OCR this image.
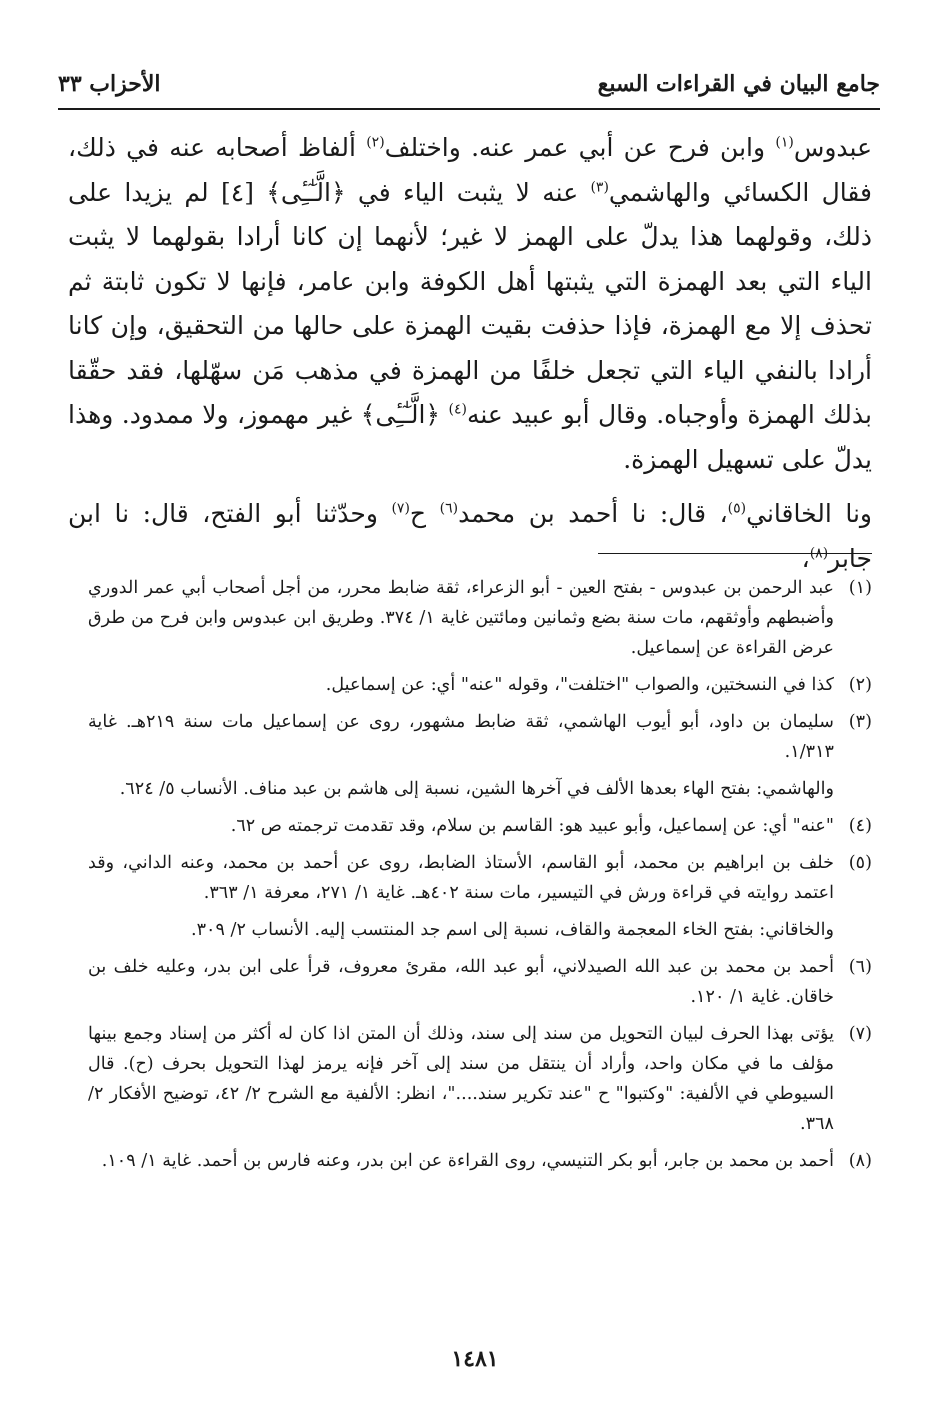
جامع البيان في القراءات السبع
الأحزاب ٣٣

عبدوس$^{(١)}$ وابن فرح عن أبي عمر عنه. واختلف$^{(٢)}$ ألفاظ أصحابه عنه في ذلك، فقال الكسائي والهاشمي$^{(٣)}$ عنه لا يثبت الياء في ﴿الَّـٰٓـِٔى﴾ [٤] لم يزيدا على ذلك، وقولهما هذا يدلّ على الهمز لا غير؛ لأنهما إن كانا أرادا بقولهما لا يثبت الياء التي بعد الهمزة التي يثبتها أهل الكوفة وابن عامر، فإنها لا تكون ثابتة ثم تحذف إلا مع الهمزة، فإذا حذفت بقيت الهمزة على حالها من التحقيق، وإن كانا أرادا بالنفي الياء التي تجعل خلفًا من الهمزة في مذهب مَن سهّلها، فقد حقّقا بذلك الهمزة وأوجباه. وقال أبو عبيد عنه$^{(٤)}$ ﴿الَّـٰٓـِٔى﴾ غير مهموز، ولا ممدود. وهذا يدلّ على تسهيل الهمزة.

ونا الخاقاني$^{(٥)}$، قال: نا أحمد بن محمد$^{(٦)}$ ح$^{(٧)}$ وحدّثنا أبو الفتح، قال: نا ابن جابر$^{(٨)}$،

(١)
عبد الرحمن بن عبدوس - بفتح العين - أبو الزعراء، ثقة ضابط محرر، من أجل أصحاب أبي عمر الدوري وأضبطهم وأوثقهم، مات سنة بضع وثمانين ومائتين غاية ١/ ٣٧٤. وطريق ابن عبدوس وابن فرح من طرق عرض القراءة عن إسماعيل.
(٢)
كذا في النسختين، والصواب "اختلفت"، وقوله "عنه" أي: عن إسماعيل.
(٣)
سليمان بن داود، أبو أيوب الهاشمي، ثقة ضابط مشهور، روى عن إسماعيل مات سنة ٢١٩هـ. غاية ١/٣١٣.
والهاشمي: بفتح الهاء بعدها الألف في آخرها الشين، نسبة إلى هاشم بن عبد مناف. الأنساب ٥/ ٦٢٤.
(٤)
"عنه" أي: عن إسماعيل، وأبو عبيد هو: القاسم بن سلام، وقد تقدمت ترجمته ص ٦٢.
(٥)
خلف بن ابراهيم بن محمد، أبو القاسم، الأستاذ الضابط، روى عن أحمد بن محمد، وعنه الداني، وقد اعتمد روايته في قراءة ورش في التيسير، مات سنة ٤٠٢هـ. غاية ١/ ٢٧١، معرفة ١/ ٣٦٣.
والخاقاني: بفتح الخاء المعجمة والقاف، نسبة إلى اسم جد المنتسب إليه. الأنساب ٢/ ٣٠٩.
(٦)
أحمد بن محمد بن عبد الله الصيدلاني، أبو عبد الله، مقرئ معروف، قرأ على ابن بدر، وعليه خلف بن خاقان. غاية ١/ ١٢٠.
(٧)
يؤتى بهذا الحرف لبيان التحويل من سند إلى سند، وذلك أن المتن اذا كان له أكثر من إسناد وجمع بينها مؤلف ما في مكان واحد، وأراد أن ينتقل من سند إلى آخر فإنه يرمز لهذا التحويل بحرف (ح). قال السيوطي في الألفية: "وكتبوا" ح "عند تكرير سند...."، انظر: الألفية مع الشرح ٢/ ٤٢، توضيح الأفكار ٢/ ٣٦٨.
(٨)
أحمد بن محمد بن جابر، أبو بكر التنيسي، روى القراءة عن ابن بدر، وعنه فارس بن أحمد. غاية ١/ ١٠٩.
١٤٨١
